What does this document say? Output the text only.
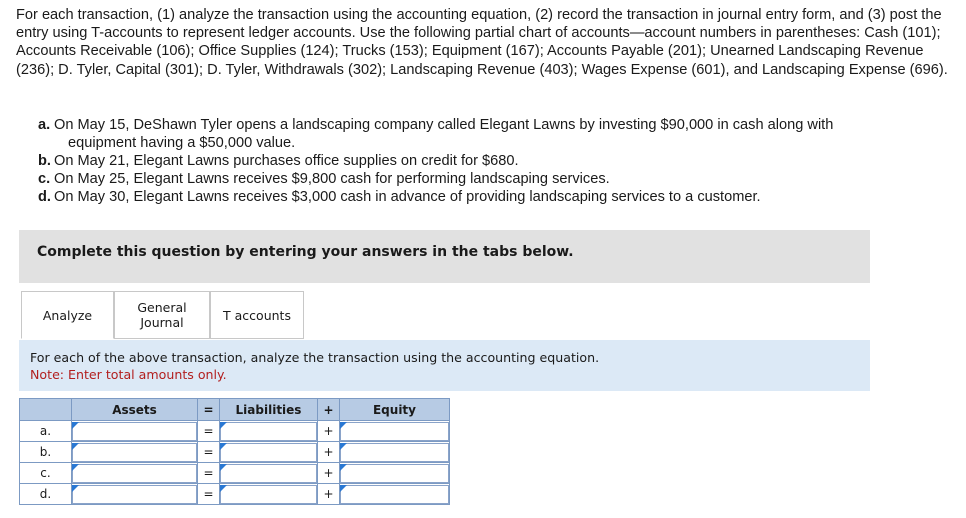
For each transaction, (1) analyze the transaction using the accounting equation, (2) record the transaction in journal entry form, and (3) post the entry using T-accounts to represent ledger accounts. Use the following partial chart of accounts—account numbers in parentheses: Cash (101); Accounts Receivable (106); Office Supplies (124); Trucks (153); Equipment (167); Accounts Payable (201); Unearned Landscaping Revenue (236); D. Tyler, Capital (301); D. Tyler, Withdrawals (302); Landscaping Revenue (403); Wages Expense (601), and Landscaping Expense (696).
a. On May 15, DeShawn Tyler opens a landscaping company called Elegant Lawns by investing $90,000 in cash along with
equipment having a $50,000 value.
b. On May 21, Elegant Lawns purchases office supplies on credit for $680.
c. On May 25, Elegant Lawns receives $9,800 cash for performing landscaping services.
d. On May 30, Elegant Lawns receives $3,000 cash in advance of providing landscaping services to a customer.
Complete this question by entering your answers in the tabs below.
Analyze	General Journal	T accounts
For each of the above transaction, analyze the transaction using the accounting equation.
Note: Enter total amounts only.
	Assets	=	Liabilities	+	Equity
a.		=		+	

b.		=		+	

c.		=		+	

d.		=		+	
